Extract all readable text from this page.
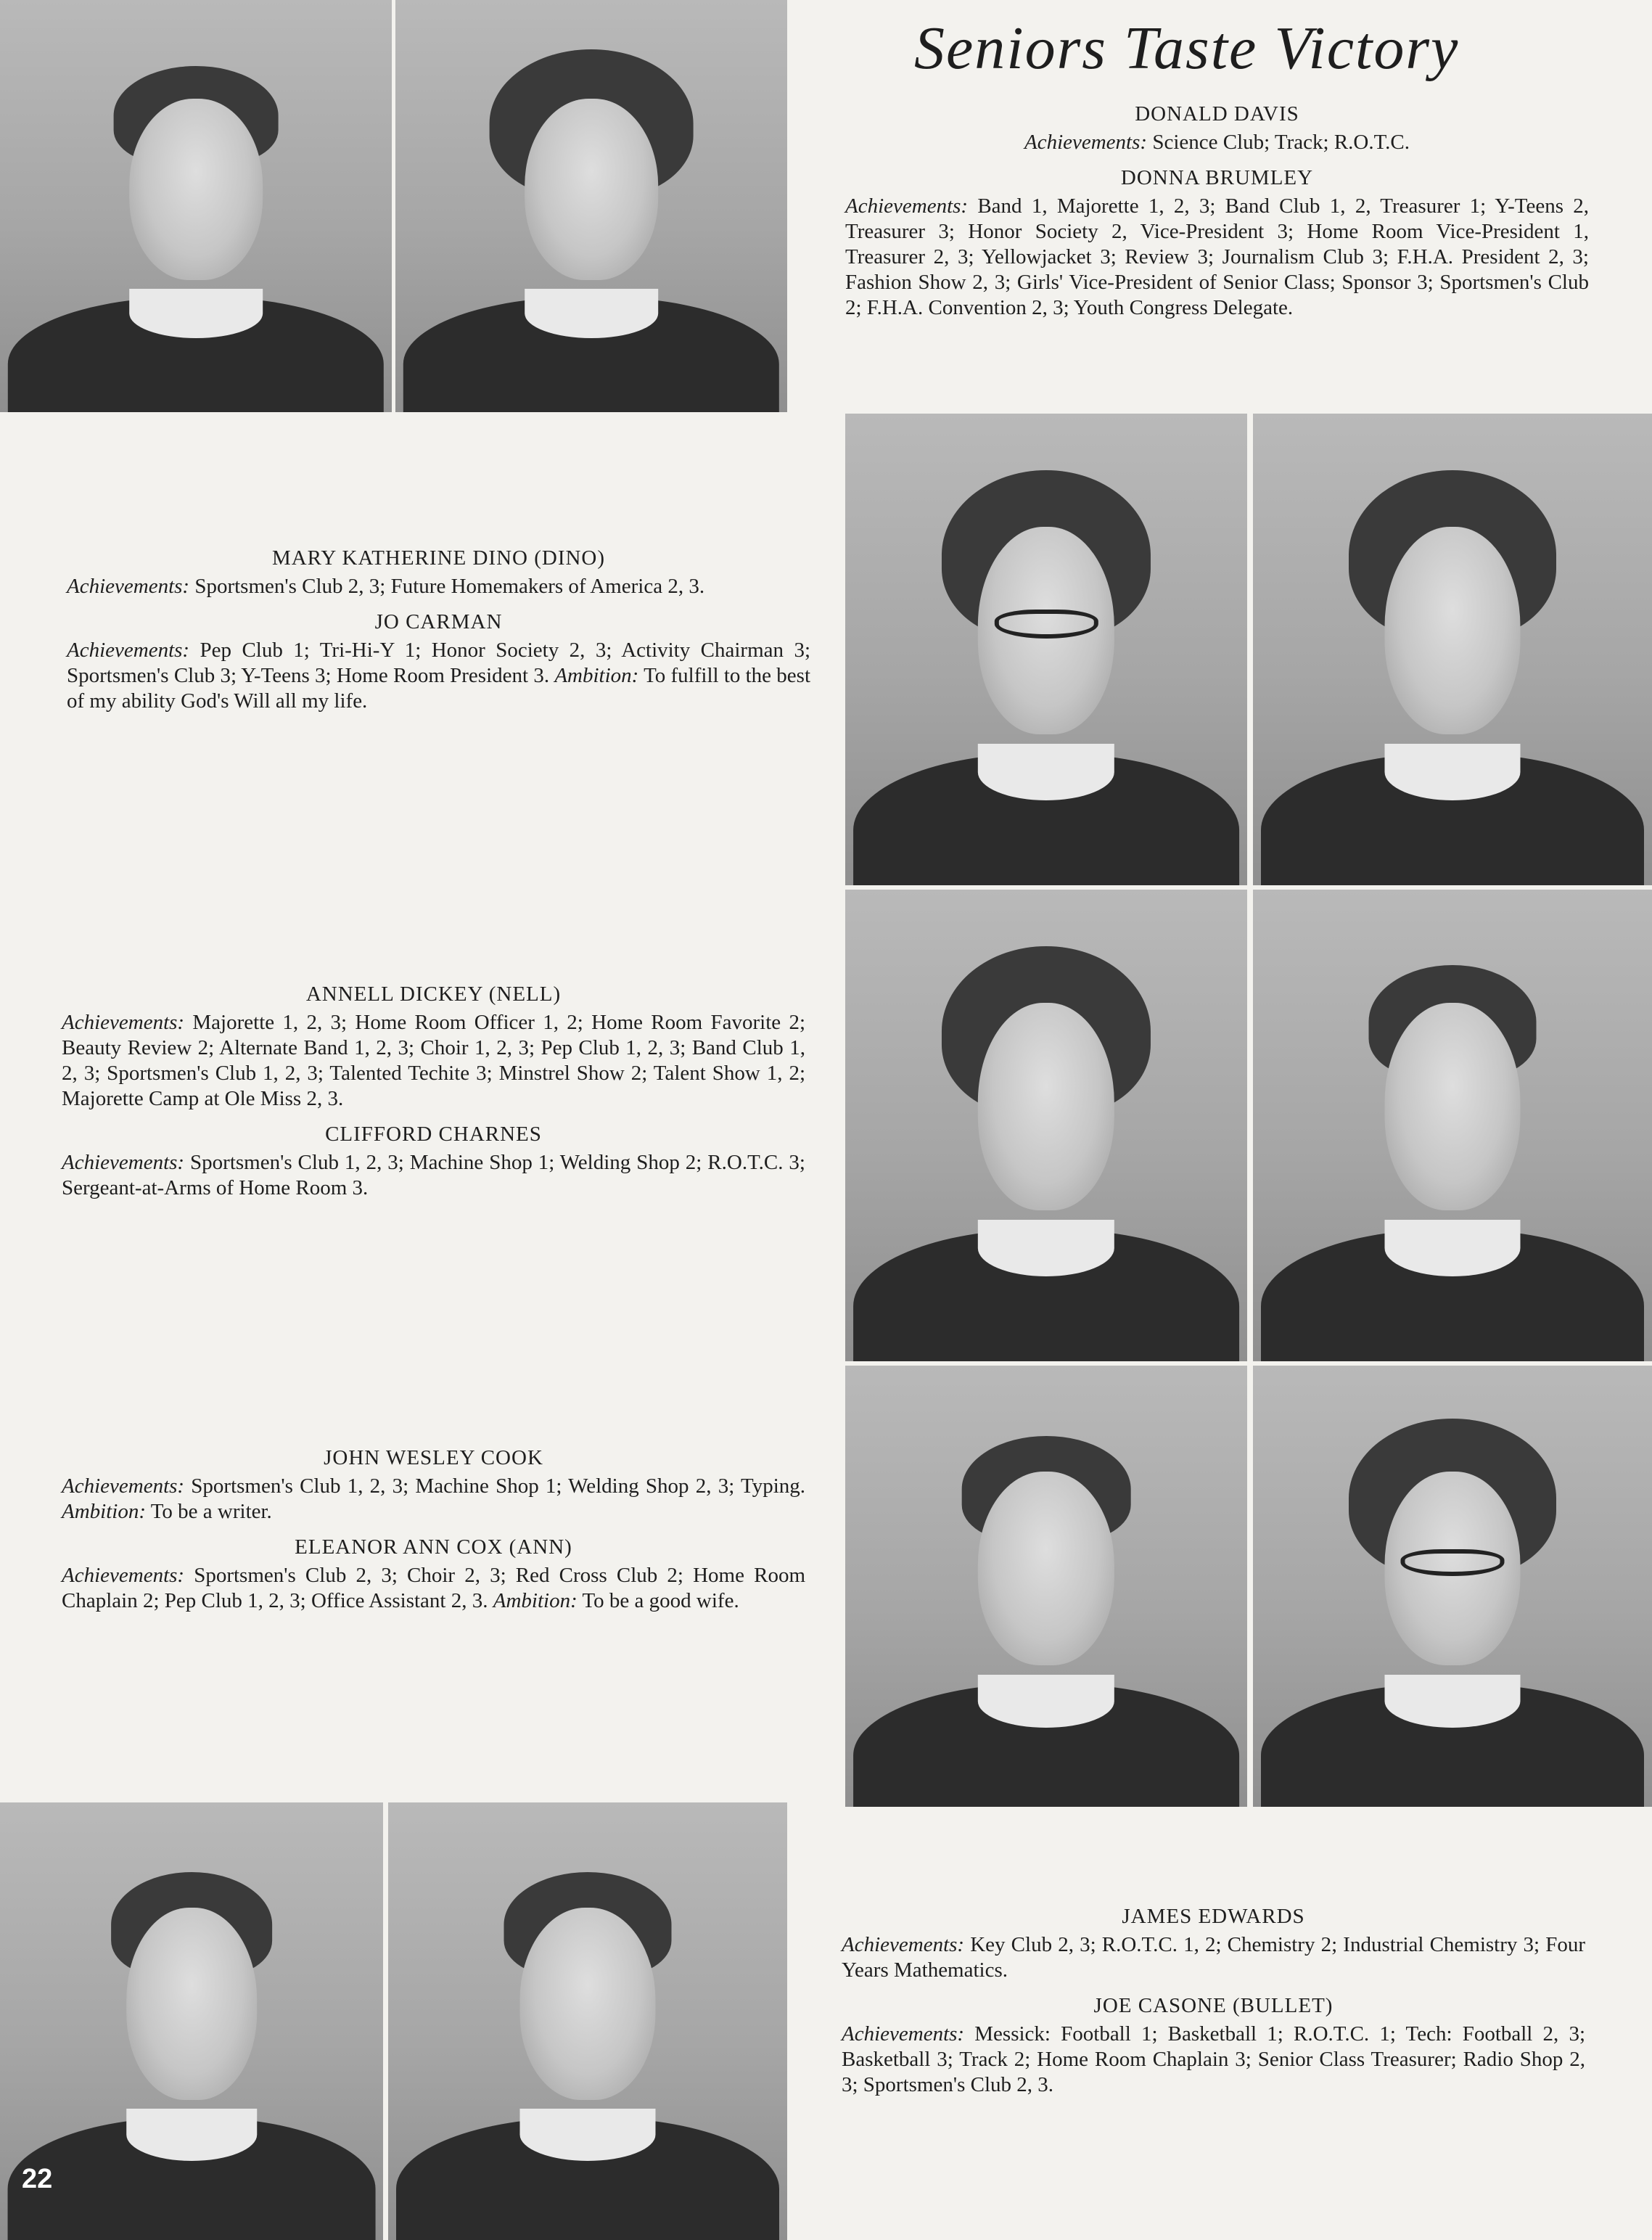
Seniors Taste Victory
DONALD DAVIS
Achievements: Science Club; Track; R.O.T.C.
DONNA BRUMLEY
Achievements: Band 1, Majorette 1, 2, 3; Band Club 1, 2, Treasurer 1; Y-Teens 2, Treasurer 3; Honor Society 2, Vice-President 3; Home Room Vice-President 1, Treasurer 2, 3; Yellowjacket 3; Review 3; Journalism Club 3; F.H.A. President 2, 3; Fashion Show 2, 3; Girls' Vice-President of Senior Class; Sponsor 3; Sportsmen's Club 2; F.H.A. Convention 2, 3; Youth Congress Delegate.
MARY KATHERINE DINO (DINO)
Achievements: Sportsmen's Club 2, 3; Future Homemakers of America 2, 3.
JO CARMAN
Achievements: Pep Club 1; Tri-Hi-Y 1; Honor Society 2, 3; Activity Chairman 3; Sportsmen's Club 3; Y-Teens 3; Home Room President 3. Ambition: To fulfill to the best of my ability God's Will all my life.
ANNELL DICKEY (NELL)
Achievements: Majorette 1, 2, 3; Home Room Officer 1, 2; Home Room Favorite 2; Beauty Review 2; Alternate Band 1, 2, 3; Choir 1, 2, 3; Pep Club 1, 2, 3; Band Club 1, 2, 3; Sportsmen's Club 1, 2, 3; Talented Techite 3; Minstrel Show 2; Talent Show 1, 2; Majorette Camp at Ole Miss 2, 3.
CLIFFORD CHARNES
Achievements: Sportsmen's Club 1, 2, 3; Machine Shop 1; Welding Shop 2; R.O.T.C. 3; Sergeant-at-Arms of Home Room 3.
JOHN WESLEY COOK
Achievements: Sportsmen's Club 1, 2, 3; Machine Shop 1; Welding Shop 2, 3; Typing. Ambition: To be a writer.
ELEANOR ANN COX (ANN)
Achievements: Sportsmen's Club 2, 3; Choir 2, 3; Red Cross Club 2; Home Room Chaplain 2; Pep Club 1, 2, 3; Office Assistant 2, 3. Ambition: To be a good wife.
JAMES EDWARDS
Achievements: Key Club 2, 3; R.O.T.C. 1, 2; Chemistry 2; Industrial Chemistry 3; Four Years Mathematics.
JOE CASONE (BULLET)
Achievements: Messick: Football 1; Basketball 1; R.O.T.C. 1; Tech: Football 2, 3; Basketball 3; Track 2; Home Room Chaplain 3; Senior Class Treasurer; Radio Shop 2, 3; Sportsmen's Club 2, 3.
22
